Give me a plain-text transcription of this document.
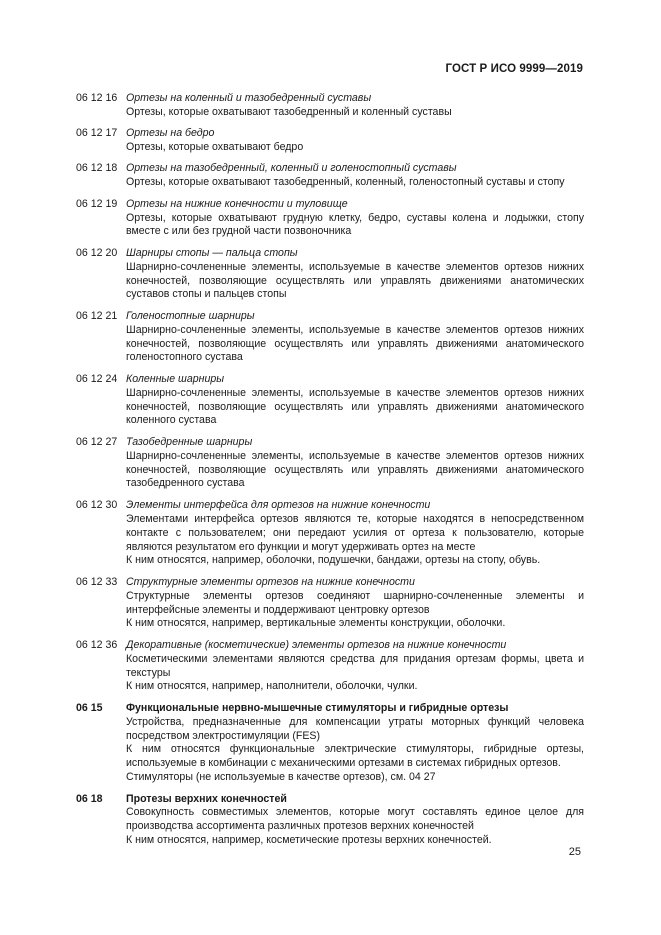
ГОСТ Р ИСО 9999—2019
06 12 16 Ортезы на коленный и тазобедренный суставы

Ортезы, которые охватывают тазобедренный и коленный суставы

06 12 17 Ортезы на бедро

Ортезы, которые охватывают бедро

06 12 18 Ортезы на тазобедренный, коленный и голеностопный суставы

Ортезы, которые охватывают тазобедренный, коленный, голеностопный суставы и стопу

06 12 19 Ортезы на нижние конечности и туловище

Ортезы, которые охватывают грудную клетку, бедро, суставы колена и лодыжки, стопу вместе с или без грудной части позвоночника

06 12 20 Шарниры стопы — пальца стопы

Шарнирно-сочлененные элементы, используемые в качестве элементов ортезов нижних конечностей, позволяющие осуществлять или управлять движениями анатомических суставов стопы и пальцев стопы

06 12 21 Голеностопные шарниры

Шарнирно-сочлененные элементы, используемые в качестве элементов ортезов нижних конечностей, позволяющие осуществлять или управлять движениями анатомического голеностопного сустава

06 12 24 Коленные шарниры

Шарнирно-сочлененные элементы, используемые в качестве элементов ортезов нижних конечностей, позволяющие осуществлять или управлять движениями анатомического коленного сустава

06 12 27 Тазобедренные шарниры

Шарнирно-сочлененные элементы, используемые в качестве элементов ортезов нижних конечностей, позволяющие осуществлять или управлять движениями анатомического тазобедренного сустава

06 12 30 Элементы интерфейса для ортезов на нижние конечности

Элементами интерфейса ортезов являются те, которые находятся в непосредственном контакте с пользователем; они передают усилия от ортеза к пользователю, которые являются результатом его функции и могут удерживать ортез на месте

К ним относятся, например, оболочки, подушечки, бандажи, ортезы на стопу, обувь.

06 12 33 Структурные элементы ортезов на нижние конечности

Структурные элементы ортезов соединяют шарнирно-сочлененные элементы и интерфейсные элементы и поддерживают центровку ортезов

К ним относятся, например, вертикальные элементы конструкции, оболочки.

06 12 36 Декоративные (косметические) элементы ортезов на нижние конечности

Косметическими элементами являются средства для придания ортезам формы, цвета и текстуры

К ним относятся, например, наполнители, оболочки, чулки.

06 15	Функциональные нервно-мышечные стимуляторы и гибридные ортезы

Устройства, предназначенные для компенсации утраты моторных функций человека посредством электростимуляции (FES)

К ним относятся функциональные электрические стимуляторы, гибридные ортезы, используемые в комбинации с механическими ортезами в системах гибридных ортезов.

Стимуляторы (не используемые в качестве ортезов), см. 04 27

06 18	Протезы верхних конечностей

Совокупность совместимых элементов, которые могут составлять единое целое для производства ассортимента различных протезов верхних конечностей

К ним относятся, например, косметические протезы верхних конечностей.

25
